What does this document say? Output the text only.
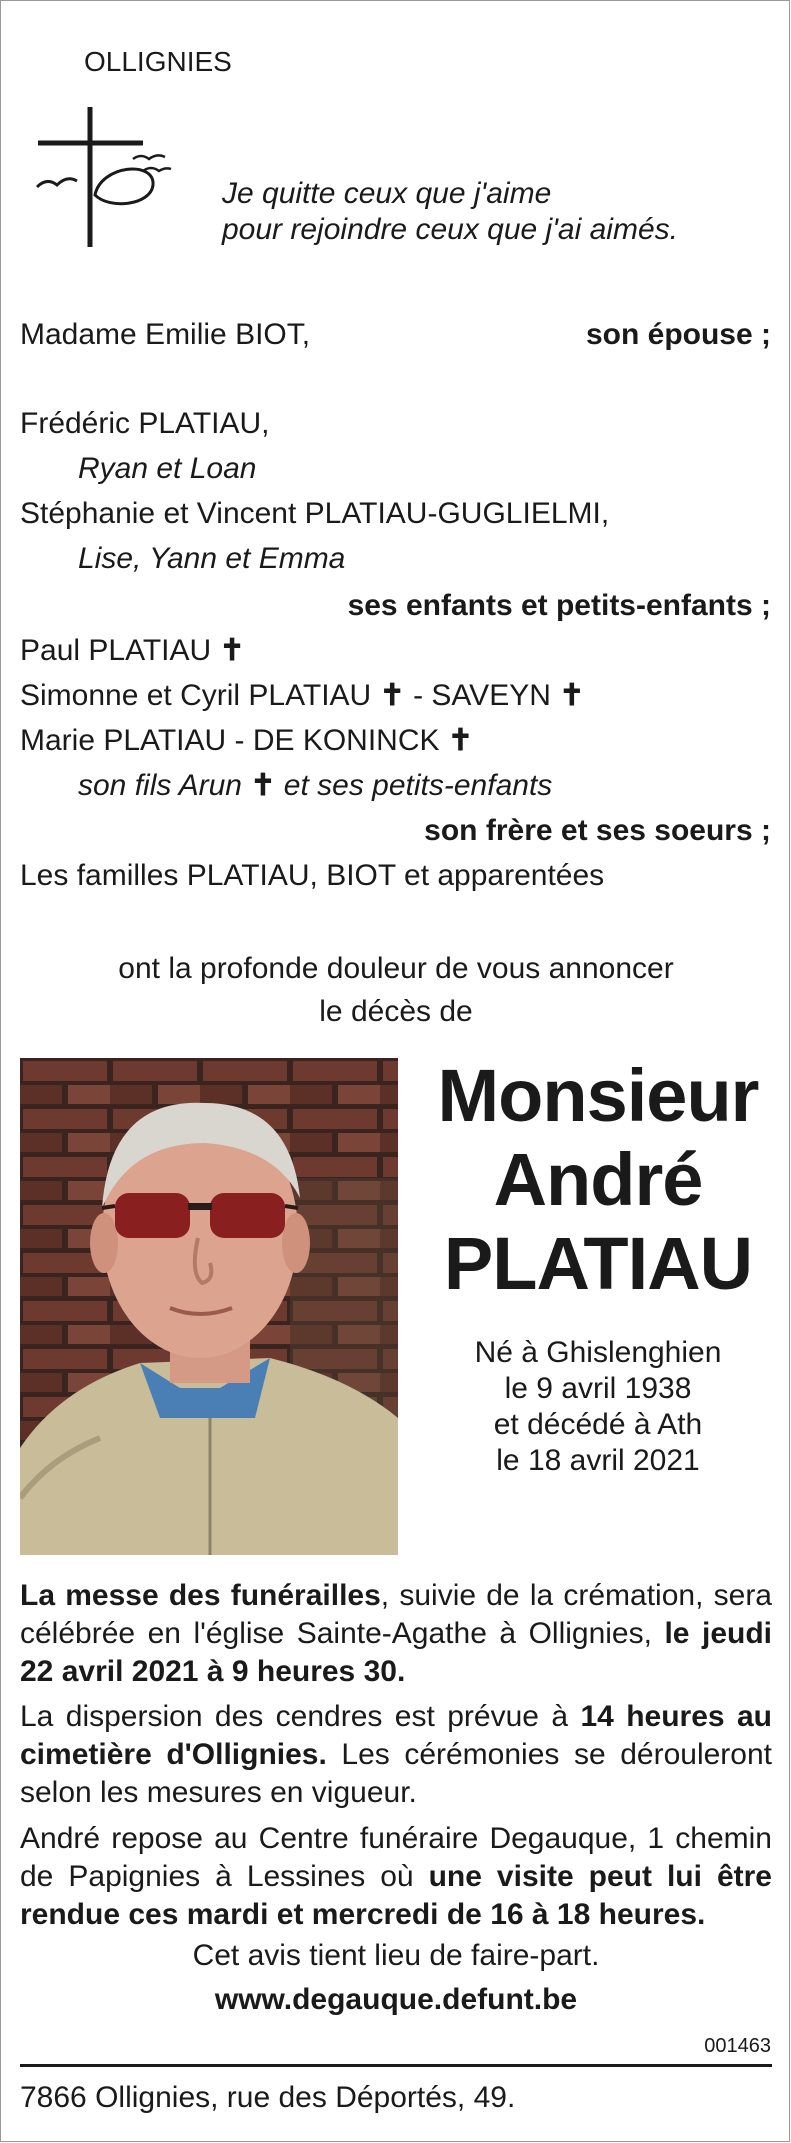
OLLIGNIES
Je quitte ceux que j'aime
pour rejoindre ceux que j'ai aimés.
Madame Emilie BIOT,	son épouse ;
Frédéric PLATIAU,
Ryan et Loan
Stéphanie et Vincent PLATIAU-GUGLIELMI,
Lise, Yann et Emma
ses enfants et petits-enfants ;
Paul PLATIAU ✝
Simonne et Cyril PLATIAU ✝ - SAVEYN ✝
Marie PLATIAU - DE KONINCK ✝
son fils Arun ✝ et ses petits-enfants
son frère et ses soeurs ;
Les familles PLATIAU, BIOT et apparentées
ont la profonde douleur de vous annoncer
le décès de
Monsieur
André
PLATIAU
Né à Ghislenghien
le 9 avril 1938
et décédé à Ath
le 18 avril 2021
La messe des funérailles, suivie de la crémation, sera célébrée en l'église Sainte-Agathe à Ollignies, le jeudi 22 avril 2021 à 9 heures 30.
La dispersion des cendres est prévue à 14 heures au cimetière d'Ollignies. Les cérémonies se dérouleront selon les mesures en vigueur.
André repose au Centre funéraire Degauque, 1 chemin de Papignies à Lessines où une visite peut lui être rendue ces mardi et mercredi de 16 à 18 heures.
Cet avis tient lieu de faire-part.
www.degauque.defunt.be
001463
7866 Ollignies, rue des Déportés, 49.
